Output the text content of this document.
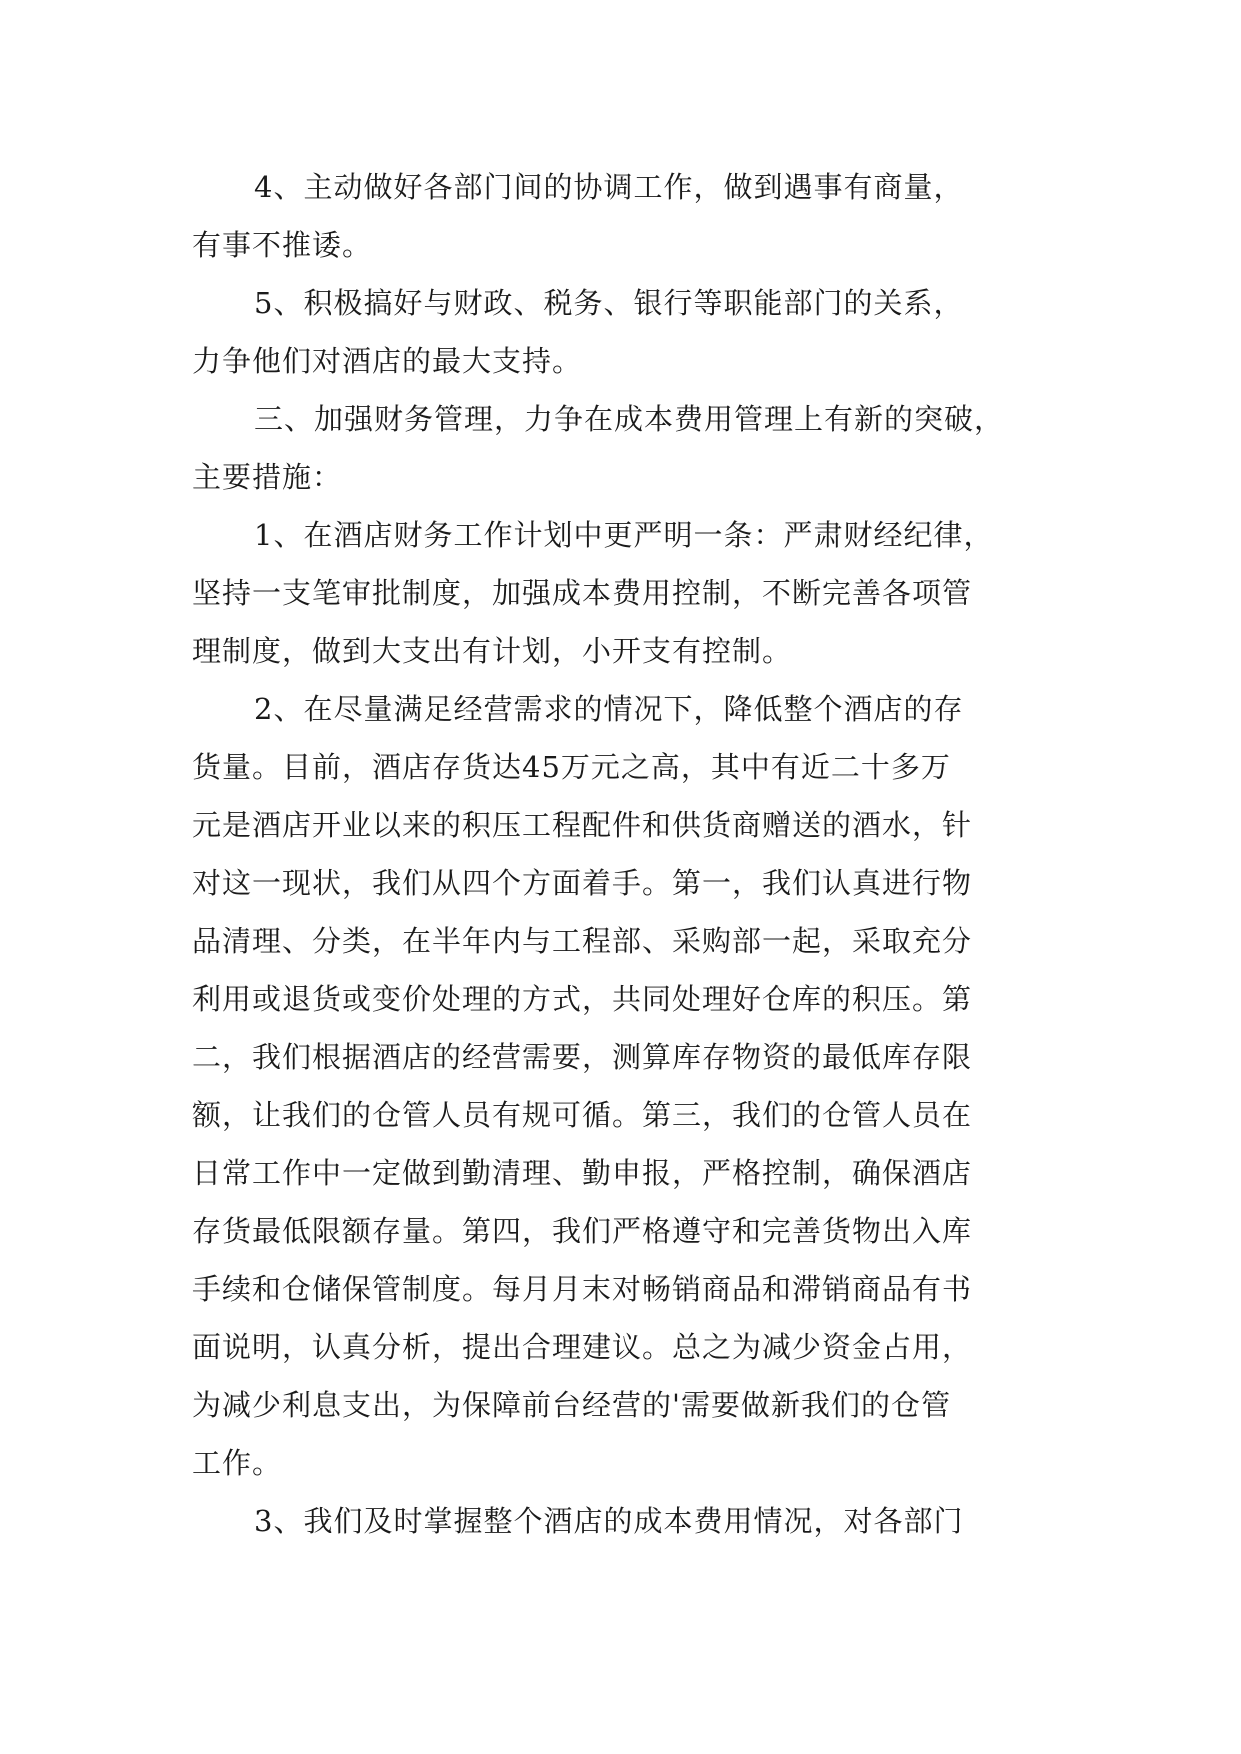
4、主动做好各部门间的协调工作，做到遇事有商量，
有事不推诿。
5、积极搞好与财政、税务、银行等职能部门的关系，
力争他们对酒店的最大支持。
三、加强财务管理，力争在成本费用管理上有新的突破，
主要措施：
1、在酒店财务工作计划中更严明一条：严肃财经纪律，
坚持一支笔审批制度，加强成本费用控制，不断完善各项管
理制度，做到大支出有计划，小开支有控制。
2、在尽量满足经营需求的情况下，降低整个酒店的存
货量。目前，酒店存货达45万元之高，其中有近二十多万
元是酒店开业以来的积压工程配件和供货商赠送的酒水，针
对这一现状，我们从四个方面着手。第一，我们认真进行物
品清理、分类，在半年内与工程部、采购部一起，采取充分
利用或退货或变价处理的方式，共同处理好仓库的积压。第
二，我们根据酒店的经营需要，测算库存物资的最低库存限
额，让我们的仓管人员有规可循。第三，我们的仓管人员在
日常工作中一定做到勤清理、勤申报，严格控制，确保酒店
存货最低限额存量。第四，我们严格遵守和完善货物出入库
手续和仓储保管制度。每月月末对畅销商品和滞销商品有书
面说明，认真分析，提出合理建议。总之为减少资金占用，
为减少利息支出，为保障前台经营的'需要做新我们的仓管
工作。
3、我们及时掌握整个酒店的成本费用情况，对各部门
